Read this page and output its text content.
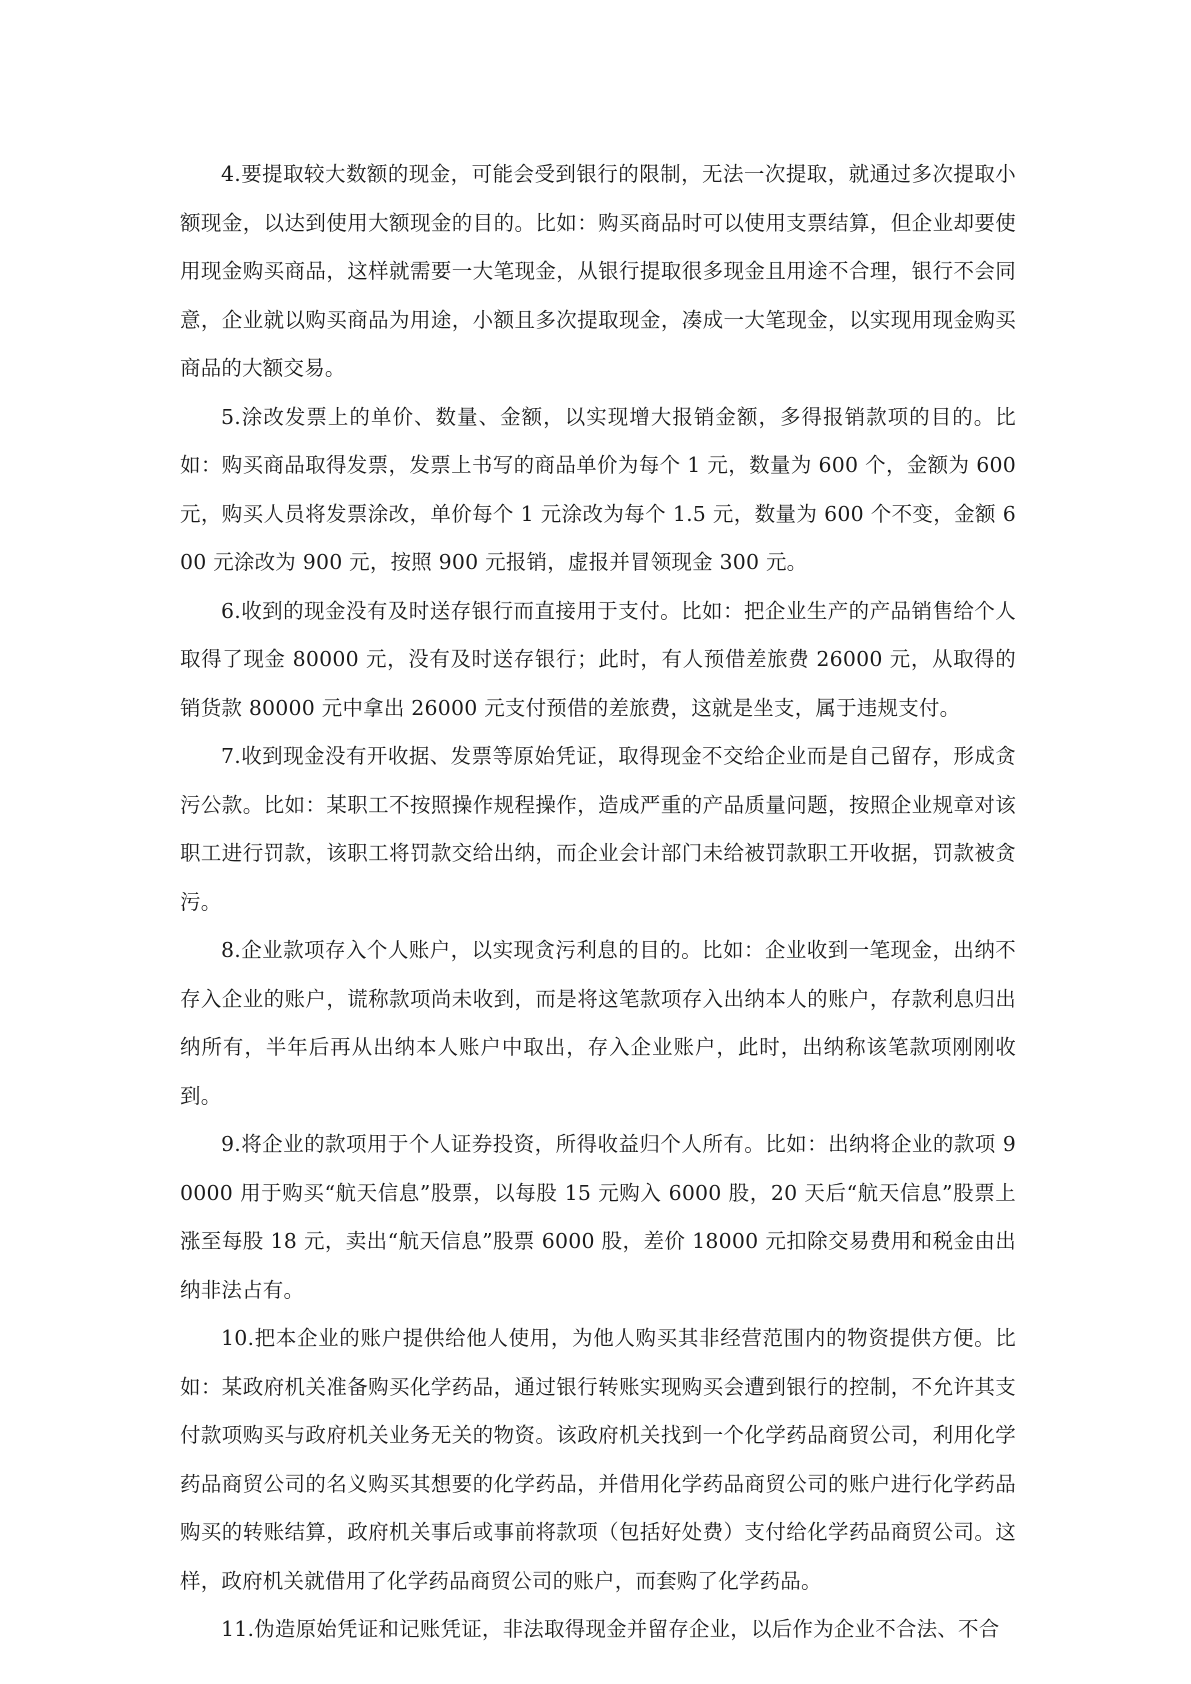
4.要提取较大数额的现金，可能会受到银行的限制，无法一次提取，就通过多次提取小额现金，以达到使用大额现金的目的。比如：购买商品时可以使用支票结算，但企业却要使用现金购买商品，这样就需要一大笔现金，从银行提取很多现金且用途不合理，银行不会同意，企业就以购买商品为用途，小额且多次提取现金，凑成一大笔现金，以实现用现金购买商品的大额交易。

5.涂改发票上的单价、数量、金额，以实现增大报销金额，多得报销款项的目的。比如：购买商品取得发票，发票上书写的商品单价为每个 1 元，数量为 600 个，金额为 600 元，购买人员将发票涂改，单价每个 1 元涂改为每个 1.5 元，数量为 600 个不变，金额 600 元涂改为 900 元，按照 900 元报销，虚报并冒领现金 300 元。

6.收到的现金没有及时送存银行而直接用于支付。比如：把企业生产的产品销售给个人取得了现金 80000 元，没有及时送存银行；此时，有人预借差旅费 26000 元，从取得的销货款 80000 元中拿出 26000 元支付预借的差旅费，这就是坐支，属于违规支付。

7.收到现金没有开收据、发票等原始凭证，取得现金不交给企业而是自己留存，形成贪污公款。比如：某职工不按照操作规程操作，造成严重的产品质量问题，按照企业规章对该职工进行罚款，该职工将罚款交给出纳，而企业会计部门未给被罚款职工开收据，罚款被贪污。

8.企业款项存入个人账户，以实现贪污利息的目的。比如：企业收到一笔现金，出纳不存入企业的账户，谎称款项尚未收到，而是将这笔款项存入出纳本人的账户，存款利息归出纳所有，半年后再从出纳本人账户中取出，存入企业账户，此时，出纳称该笔款项刚刚收到。

9.将企业的款项用于个人证券投资，所得收益归个人所有。比如：出纳将企业的款项 90000 用于购买“航天信息”股票，以每股 15 元购入 6000 股，20 天后“航天信息”股票上涨至每股 18 元，卖出“航天信息”股票 6000 股，差价 18000 元扣除交易费用和税金由出纳非法占有。

10.把本企业的账户提供给他人使用，为他人购买其非经营范围内的物资提供方便。比如：某政府机关准备购买化学药品，通过银行转账实现购买会遭到银行的控制，不允许其支付款项购买与政府机关业务无关的物资。该政府机关找到一个化学药品商贸公司，利用化学药品商贸公司的名义购买其想要的化学药品，并借用化学药品商贸公司的账户进行化学药品购买的转账结算，政府机关事后或事前将款项（包括好处费）支付给化学药品商贸公司。这样，政府机关就借用了化学药品商贸公司的账户，而套购了化学药品。

11.伪造原始凭证和记账凭证，非法取得现金并留存企业，以后作为企业不合法、不合
